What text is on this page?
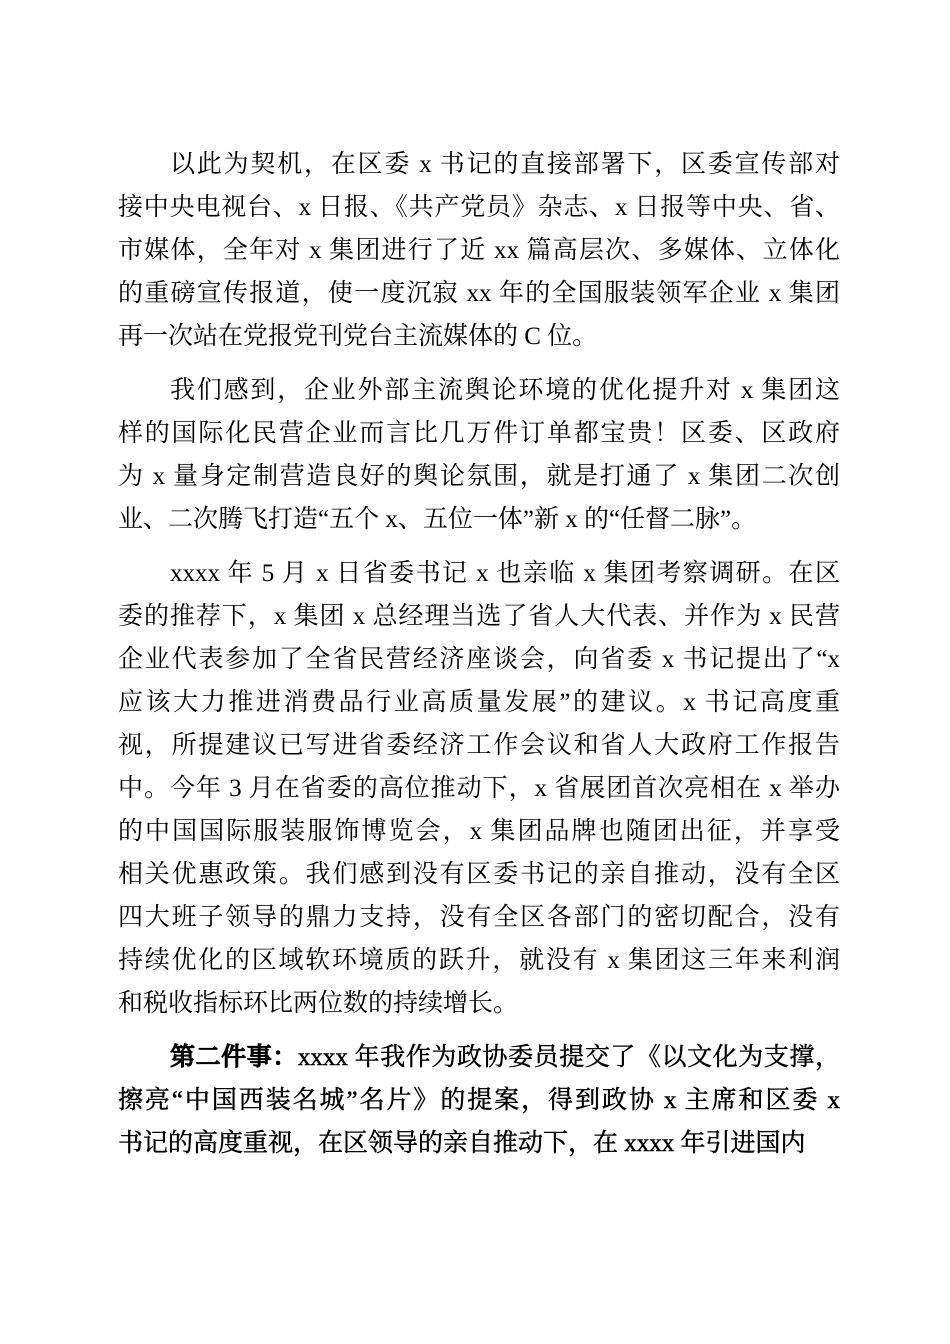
以此为契机，在区委 x 书记的直接部署下，区委宣传部对
接中央电视台、x 日报、《共产党员》杂志、x 日报等中央、省、
市媒体，全年对 x 集团进行了近 xx 篇高层次、多媒体、立体化
的重磅宣传报道，使一度沉寂 xx 年的全国服装领军企业 x 集团
再一次站在党报党刊党台主流媒体的 C 位。
我们感到，企业外部主流舆论环境的优化提升对 x 集团这
样的国际化民营企业而言比几万件订单都宝贵！区委、区政府
为 x 量身定制营造良好的舆论氛围，就是打通了 x 集团二次创
业、二次腾飞打造“五个 x、五位一体”新 x 的“任督二脉”。
xxxx 年 5 月 x 日省委书记 x 也亲临 x 集团考察调研。在区
委的推荐下，x 集团 x 总经理当选了省人大代表、并作为 x 民营
企业代表参加了全省民营经济座谈会，向省委 x 书记提出了“x
应该大力推进消费品行业高质量发展”的建议。x 书记高度重
视，所提建议已写进省委经济工作会议和省人大政府工作报告
中。今年 3 月在省委的高位推动下，x 省展团首次亮相在 x 举办
的中国国际服装服饰博览会，x 集团品牌也随团出征，并享受
相关优惠政策。我们感到没有区委书记的亲自推动，没有全区
四大班子领导的鼎力支持，没有全区各部门的密切配合，没有
持续优化的区域软环境质的跃升，就没有 x 集团这三年来利润
和税收指标环比两位数的持续增长。
第二件事：xxxx 年我作为政协委员提交了《以文化为支撑，
擦亮“中国西装名城”名片》的提案，得到政协 x 主席和区委 x
书记的高度重视，在区领导的亲自推动下，在 xxxx 年引进国内
